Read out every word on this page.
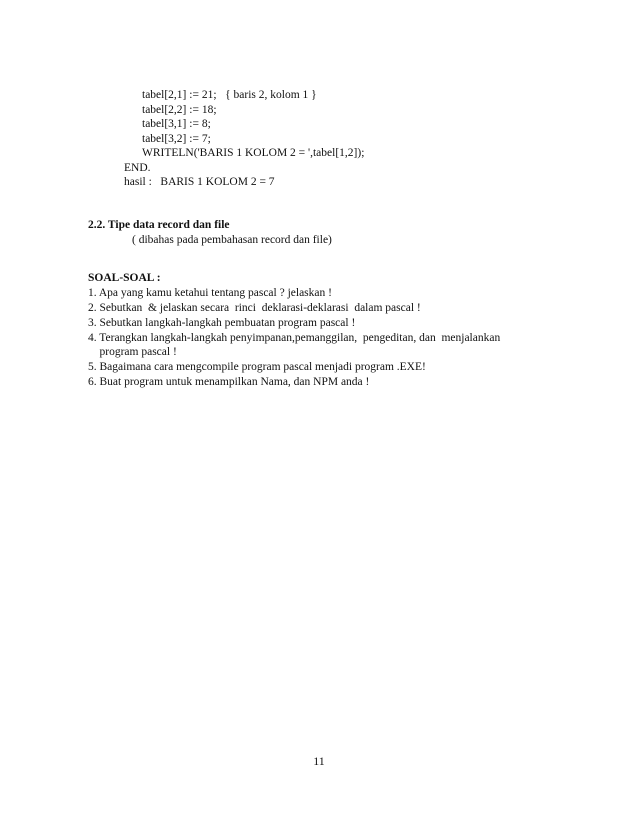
tabel[2,1] := 21;   { baris 2, kolom 1 }
tabel[2,2] := 18;
tabel[3,1] := 8;
tabel[3,2] := 7;
WRITELN('BARIS 1 KOLOM 2 = ',tabel[1,2]);
END.
hasil :   BARIS 1 KOLOM 2 = 7
2.2. Tipe data record dan file
( dibahas pada pembahasan record dan file)
SOAL-SOAL :
1. Apa yang kamu ketahui tentang pascal ? jelaskan !
2. Sebutkan  & jelaskan secara  rinci  deklarasi-deklarasi  dalam pascal !
3. Sebutkan langkah-langkah pembuatan program pascal !
4. Terangkan langkah-langkah penyimpanan,pemanggilan,  pengeditan, dan  menjalankan
program pascal !
5. Bagaimana cara mengcompile program pascal menjadi program .EXE!
6. Buat program untuk menampilkan Nama, dan NPM anda !
11
